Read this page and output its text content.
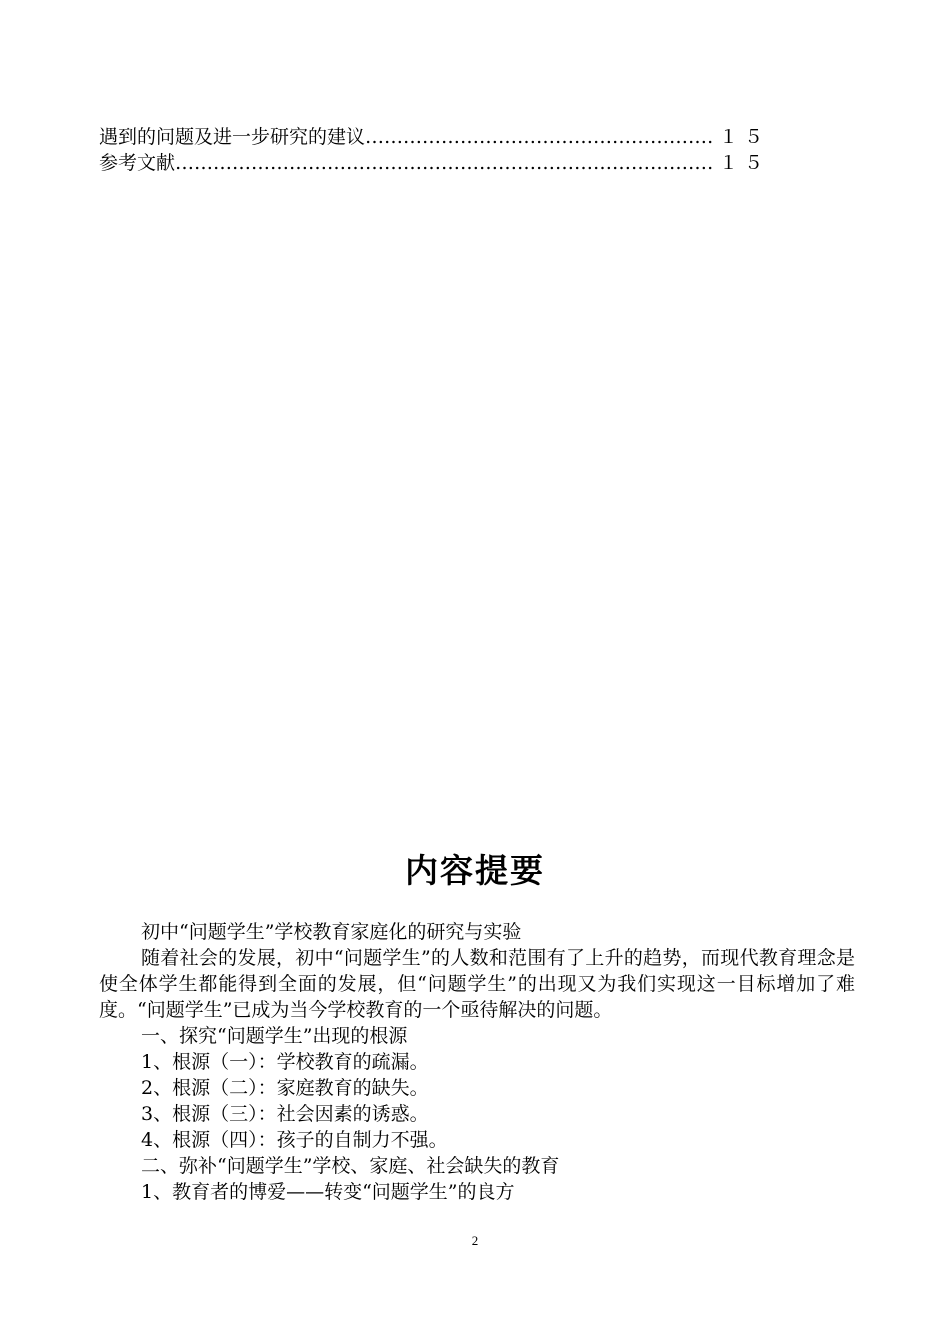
遇到的问题及进一步研究的建议 …………………………………………………………………………………………………………………………………………	１５
参考文献 …………………………………………………………………………………………………………………………………………	１５
内容提要

初中“问题学生”学校教育家庭化的研究与实验

随着社会的发展，初中“问题学生”的人数和范围有了上升的趋势，而现代教育理念是使全体学生都能得到全面的发展，但“问题学生”的出现又为我们实现这一目标增加了难度。“问题学生”已成为当今学校教育的一个亟待解决的问题。

一、探究“问题学生”出现的根源

1、根源（一）：学校教育的疏漏。

2、根源（二）：家庭教育的缺失。

3、根源（三）：社会因素的诱惑。

4、根源（四）：孩子的自制力不强。

二、弥补“问题学生”学校、家庭、社会缺失的教育

1、教育者的博爱——转变“问题学生”的良方

2
